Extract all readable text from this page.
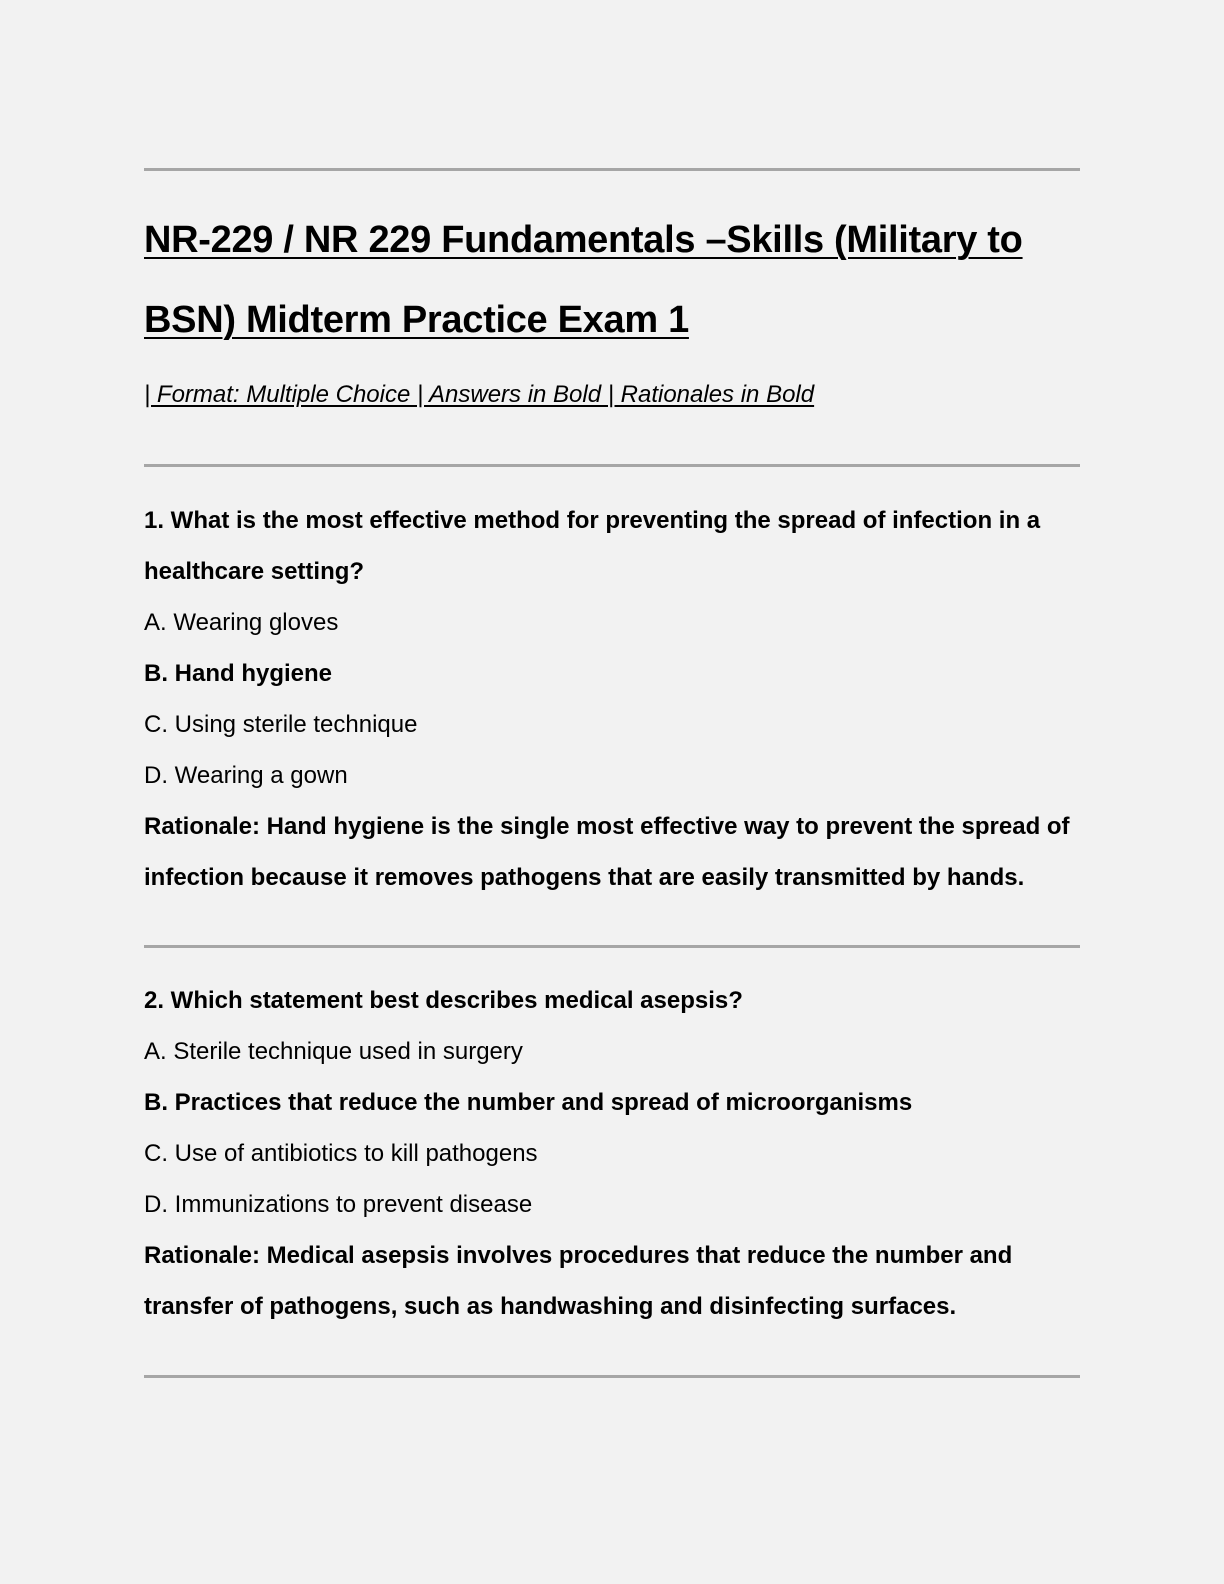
NR-229 / NR 229 Fundamentals –Skills (Military to BSN) Midterm Practice Exam 1

| Format: Multiple Choice | Answers in Bold | Rationales in Bold

1. What is the most effective method for preventing the spread of infection in a healthcare setting?

A. Wearing gloves

B. Hand hygiene

C. Using sterile technique

D. Wearing a gown

Rationale: Hand hygiene is the single most effective way to prevent the spread of infection because it removes pathogens that are easily transmitted by hands.

2. Which statement best describes medical asepsis?

A. Sterile technique used in surgery

B. Practices that reduce the number and spread of microorganisms

C. Use of antibiotics to kill pathogens

D. Immunizations to prevent disease

Rationale: Medical asepsis involves procedures that reduce the number and transfer of pathogens, such as handwashing and disinfecting surfaces.
